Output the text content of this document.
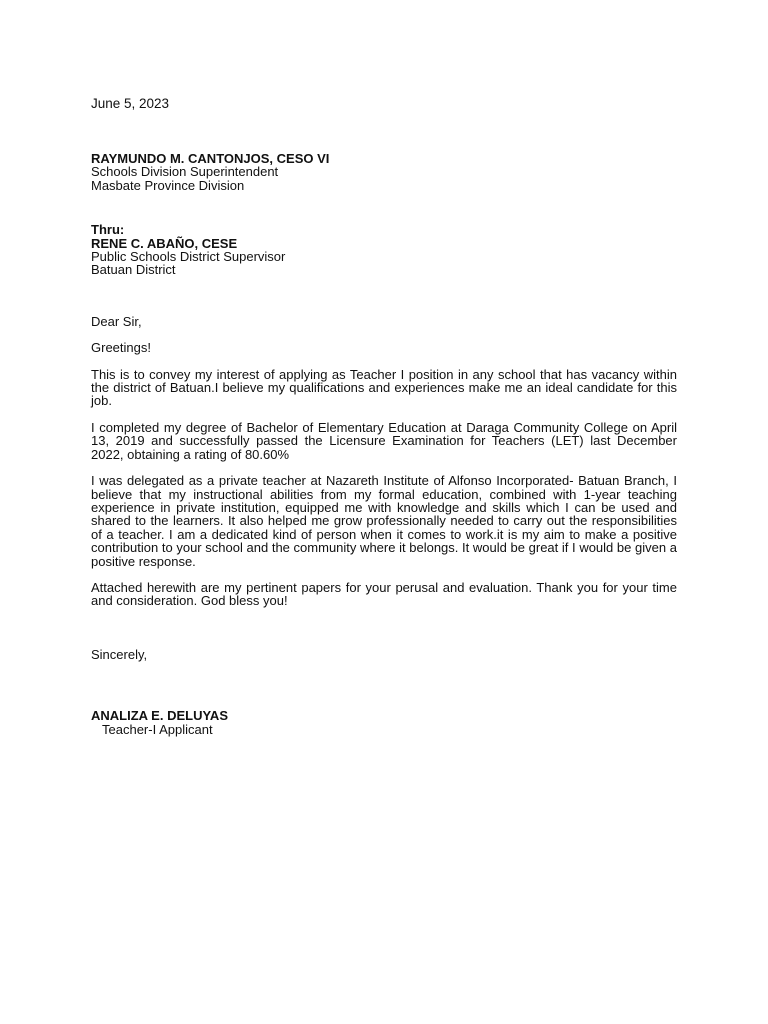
June 5, 2023

RAYMUNDO M. CANTONJOS, CESO VI
Schools Division Superintendent
Masbate Province Division
Thru:
RENE C. ABAÑO, CESE
Public Schools District Supervisor
Batuan District
Dear Sir,
Greetings!

This is to convey my interest of applying as Teacher I position in any school that has vacancy within the district of Batuan.I believe my qualifications and experiences make me an ideal candidate for this job.

I completed my degree of Bachelor of Elementary Education at Daraga Community College on April 13, 2019 and successfully passed the Licensure Examination for Teachers (LET) last December 2022, obtaining a rating of 80.60%

I was delegated as a private teacher at Nazareth Institute of Alfonso Incorporated- Batuan Branch, I believe that my instructional abilities from my formal education, combined with 1-year teaching experience in private institution, equipped me with knowledge and skills which I can be used and shared to the learners. It also helped me grow professionally needed to carry out the responsibilities of a teacher. I am a dedicated kind of person when it comes to work.it is my aim to make a positive contribution to your school and the community where it belongs. It would be great if I would be given a positive response.

Attached herewith are my pertinent papers for your perusal and evaluation. Thank you for your time and consideration. God bless you!

Sincerely,
ANALIZA E. DELUYAS
Teacher-I Applicant
